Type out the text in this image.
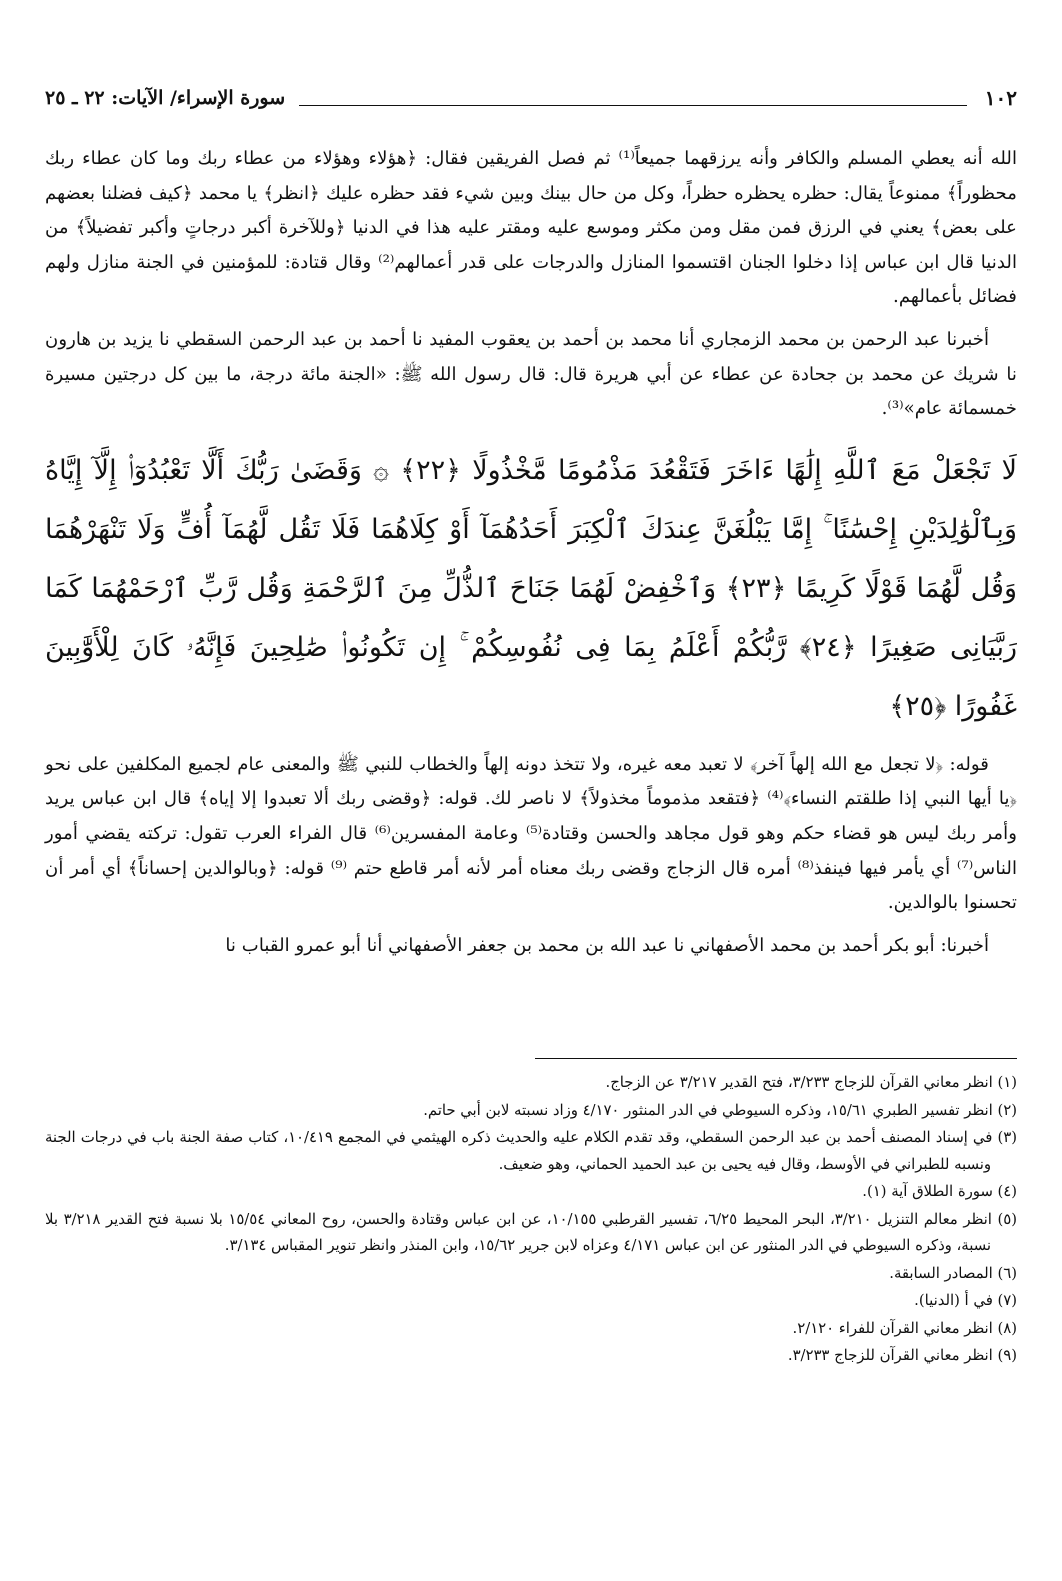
١٠٢
سورة الإسراء/ الآيات: ٢٢ ـ ٢٥

الله أنه يعطي المسلم والكافر وأنه يرزقهما جميعاً⁽¹⁾ ثم فصل الفريقين فقال: ﴿هؤلاء وهؤلاء من عطاء ربك وما كان عطاء ربك محظوراً﴾ ممنوعاً يقال: حظره يحظره حظراً، وكل من حال بينك وبين شيء فقد حظره عليك ﴿انظر﴾ يا محمد ﴿كيف فضلنا بعضهم على بعض﴾ يعني في الرزق فمن مقل ومن مكثر وموسع عليه ومقتر عليه هذا في الدنيا ﴿وللآخرة أكبر درجاتٍ وأكبر تفضيلاً﴾ من الدنيا قال ابن عباس إذا دخلوا الجنان اقتسموا المنازل والدرجات على قدر أعمالهم⁽²⁾ وقال قتادة: للمؤمنين في الجنة منازل ولهم فضائل بأعمالهم.

أخبرنا عبد الرحمن بن محمد الزمجاري أنا محمد بن أحمد بن يعقوب المفيد نا أحمد بن عبد الرحمن السقطي نا يزيد بن هارون نا شريك عن محمد بن جحادة عن عطاء عن أبي هريرة قال: قال رسول الله ﷺ: «الجنة مائة درجة، ما بين كل درجتين مسيرة خمسمائة عام»⁽³⁾.

لَا تَجْعَلْ مَعَ ٱللَّهِ إِلَٰهًا ءَاخَرَ فَتَقْعُدَ مَذْمُومًا مَّخْذُولًا ﴿٢٢﴾ ۞ وَقَضَىٰ رَبُّكَ أَلَّا تَعْبُدُوٓا۟ إِلَّآ إِيَّاهُ وَبِٱلْوَٰلِدَيْنِ إِحْسَٰنًا ۚ إِمَّا يَبْلُغَنَّ عِندَكَ ٱلْكِبَرَ أَحَدُهُمَآ أَوْ كِلَاهُمَا فَلَا تَقُل لَّهُمَآ أُفٍّ وَلَا تَنْهَرْهُمَا وَقُل لَّهُمَا قَوْلًا كَرِيمًا ﴿٢٣﴾ وَٱخْفِضْ لَهُمَا جَنَاحَ ٱلذُّلِّ مِنَ ٱلرَّحْمَةِ وَقُل رَّبِّ ٱرْحَمْهُمَا كَمَا رَبَّيَانِى صَغِيرًا ﴿٢٤﴾ رَّبُّكُمْ أَعْلَمُ بِمَا فِى نُفُوسِكُمْ ۚ إِن تَكُونُوا۟ صَٰلِحِينَ فَإِنَّهُۥ كَانَ لِلْأَوَّٰبِينَ غَفُورًا ﴿٢٥﴾

قوله: ﴿لا تجعل مع الله إلهاً آخر﴾ لا تعبد معه غيره، ولا تتخذ دونه إلهاً والخطاب للنبي ﷺ والمعنى عام لجميع المكلفين على نحو ﴿يا أيها النبي إذا طلقتم النساء﴾⁽⁴⁾ ﴿فتقعد مذموماً مخذولاً﴾ لا ناصر لك. قوله: ﴿وقضى ربك ألا تعبدوا إلا إياه﴾ قال ابن عباس يريد وأمر ربك ليس هو قضاء حكم وهو قول مجاهد والحسن وقتادة⁽⁵⁾ وعامة المفسرين⁽⁶⁾ قال الفراء العرب تقول: تركته يقضي أمور الناس⁽⁷⁾ أي يأمر فيها فينفذ⁽⁸⁾ أمره قال الزجاج وقضى ربك معناه أمر لأنه أمر قاطع حتم ⁽⁹⁾ قوله: ﴿وبالوالدين إحساناً﴾ أي أمر أن تحسنوا بالوالدين.

أخبرنا: أبو بكر أحمد بن محمد الأصفهاني نا عبد الله بن محمد بن جعفر الأصفهاني أنا أبو عمرو القباب نا

(١) انظر معاني القرآن للزجاج ٣/٢٣٣، فتح القدير ٣/٢١٧ عن الزجاج.

(٢) انظر تفسير الطبري ١٥/٦١، وذكره السيوطي في الدر المنثور ٤/١٧٠ وزاد نسبته لابن أبي حاتم.

(٣) في إسناد المصنف أحمد بن عبد الرحمن السقطي، وقد تقدم الكلام عليه والحديث ذكره الهيثمي في المجمع ١٠/٤١٩، كتاب صفة الجنة باب في درجات الجنة ونسبه للطبراني في الأوسط، وقال فيه يحيى بن عبد الحميد الحماني، وهو ضعيف.

(٤) سورة الطلاق آية (١).

(٥) انظر معالم التنزيل ٣/٢١٠، البحر المحيط ٦/٢٥، تفسير القرطبي ١٠/١٥٥، عن ابن عباس وقتادة والحسن، روح المعاني ١٥/٥٤ بلا نسبة فتح القدير ٣/٢١٨ بلا نسبة، وذكره السيوطي في الدر المنثور عن ابن عباس ٤/١٧١ وعزاه لابن جرير ١٥/٦٢، وابن المنذر وانظر تنوير المقباس ٣/١٣٤.

(٦) المصادر السابقة.

(٧) في أ (الدنيا).

(٨) انظر معاني القرآن للفراء ٢/١٢٠.

(٩) انظر معاني القرآن للزجاج ٣/٢٣٣.
